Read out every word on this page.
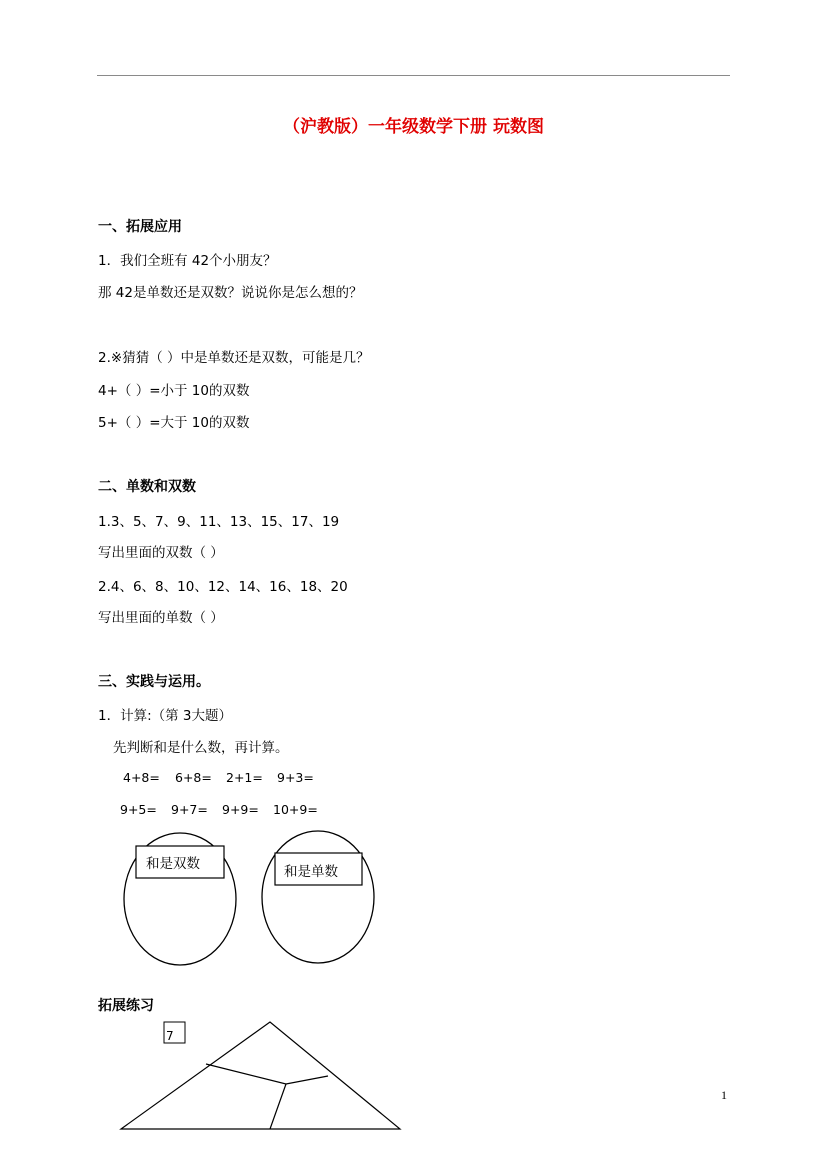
（沪教版）一年级数学下册 玩数图
一、拓展应用
1．我们全班有 42个小朋友？
那 42是单数还是双数？说说你是怎么想的？
2.※猜猜（ ）中是单数还是双数，可能是几？
4+（ ）=小于 10的双数
5+（ ）=大于 10的双数
二、单数和双数
1.3、5、7、9、11、13、15、17、19
写出里面的双数（ ）
2.4、6、8、10、12、14、16、18、20
写出里面的单数（ ）
三、实践与运用。
1．计算:（第 3大题）
先判断和是什么数，再计算。
4+8= 6+8= 2+1= 9+3=
9+5= 9+7= 9+9= 10+9=
和是双数	和是单数
拓展练习
7
1
